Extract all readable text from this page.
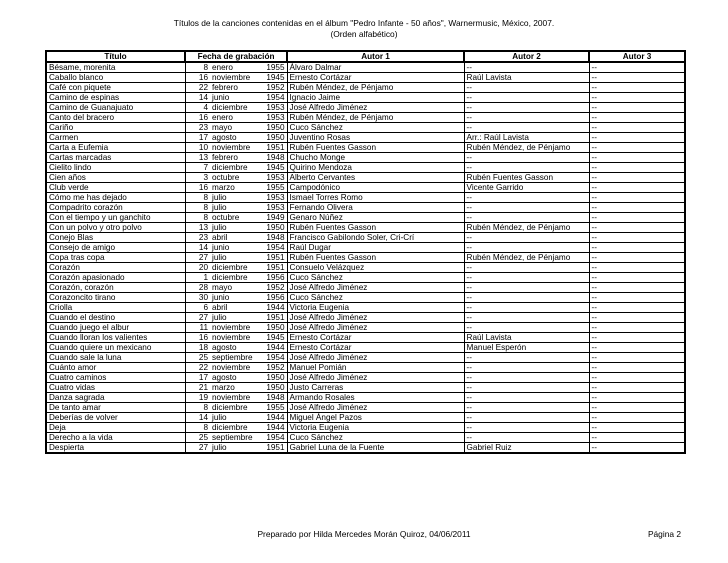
Títulos de la canciones contenidas en el álbum "Pedro Infante - 50 años", Warnermusic, México, 2007.
(Orden alfabético)
Título	Fecha de grabación			Autor 1	Autor 2	Autor 3
Bésame, morenita	8	enero	1955	Álvaro Dalmar	--	--
Caballo blanco	16	noviembre	1945	Ernesto Cortázar	Raúl Lavista	--
Café con piquete	22	febrero	1952	Rubén Méndez, de Pénjamo	--	--
Camino de espinas	14	junio	1954	Ignacio Jaime	--	--
Camino de Guanajuato	4	diciembre	1953	José Alfredo Jiménez	--	--
Canto del bracero	16	enero	1953	Rubén Méndez, de Pénjamo	--	--
Cariño	23	mayo	1950	Cuco Sánchez	--	--
Carmen	17	agosto	1950	Juventino Rosas	Arr.: Raúl Lavista	--
Carta a Eufemia	10	noviembre	1951	Rubén Fuentes Gasson	Rubén Méndez, de Pénjamo	--
Cartas marcadas	13	febrero	1948	Chucho Monge	--	--
Cielito lindo	7	diciembre	1945	Quirino Mendoza	--	--
Cien años	3	octubre	1953	Alberto Cervantes	Rubén Fuentes Gasson	--
Club verde	16	marzo	1955	Campodónico	Vicente Garrido	--
Cómo me has dejado	8	julio	1953	Ismael Torres Romo	--	--
Compadrito corazón	8	julio	1953	Fernando Olivera	--	--
Con el tiempo y un ganchito	8	octubre	1949	Genaro Núñez	--	--
Con un polvo y otro polvo	13	julio	1950	Rubén Fuentes Gasson	Rubén Méndez, de Pénjamo	--
Conejo Blas	23	abril	1948	Francisco Gabilondo Soler, Cri-Crí	--	--
Consejo de amigo	14	junio	1954	Raúl Dugar	--	--
Copa tras copa	27	julio	1951	Rubén Fuentes Gasson	Rubén Méndez, de Pénjamo	--
Corazón	20	diciembre	1951	Consuelo Velázquez	--	--
Corazón apasionado	1	diciembre	1956	Cuco Sánchez	--	--
Corazón, corazón	28	mayo	1952	José Alfredo Jiménez	--	--
Corazoncito tirano	30	junio	1956	Cuco Sánchez	--	--
Criolla	6	abril	1944	Victoria Eugenia	--	--
Cuando el destino	27	julio	1951	José Alfredo Jiménez	--	--
Cuando juego el albur	11	noviembre	1950	José Alfredo Jiménez	--	--
Cuando lloran los valientes	16	noviembre	1945	Ernesto Cortázar	Raúl Lavista	--
Cuando quiere un mexicano	18	agosto	1944	Ernesto Cortázar	Manuel Esperón	--
Cuando sale la luna	25	septiembre	1954	José Alfredo Jiménez	--	--
Cuánto amor	22	noviembre	1952	Manuel Pomián	--	--
Cuatro caminos	17	agosto	1950	José Alfredo Jiménez	--	--
Cuatro vidas	21	marzo	1950	Justo Carreras	--	--
Danza sagrada	19	noviembre	1948	Armando Rosales	--	--
De tanto amar	8	diciembre	1955	José Alfredo Jiménez	--	--
Deberías de volver	14	julio	1944	Miguel Ángel Pazos	--	--
Deja	8	diciembre	1944	Victoria Eugenia	--	--
Derecho a la vida	25	septiembre	1954	Cuco Sánchez	--	--
Despierta	27	julio	1951	Gabriel Luna de la Fuente	Gabriel Ruiz	--
Preparado por Hilda Mercedes Morán Quiroz, 04/06/2011	Página 2
